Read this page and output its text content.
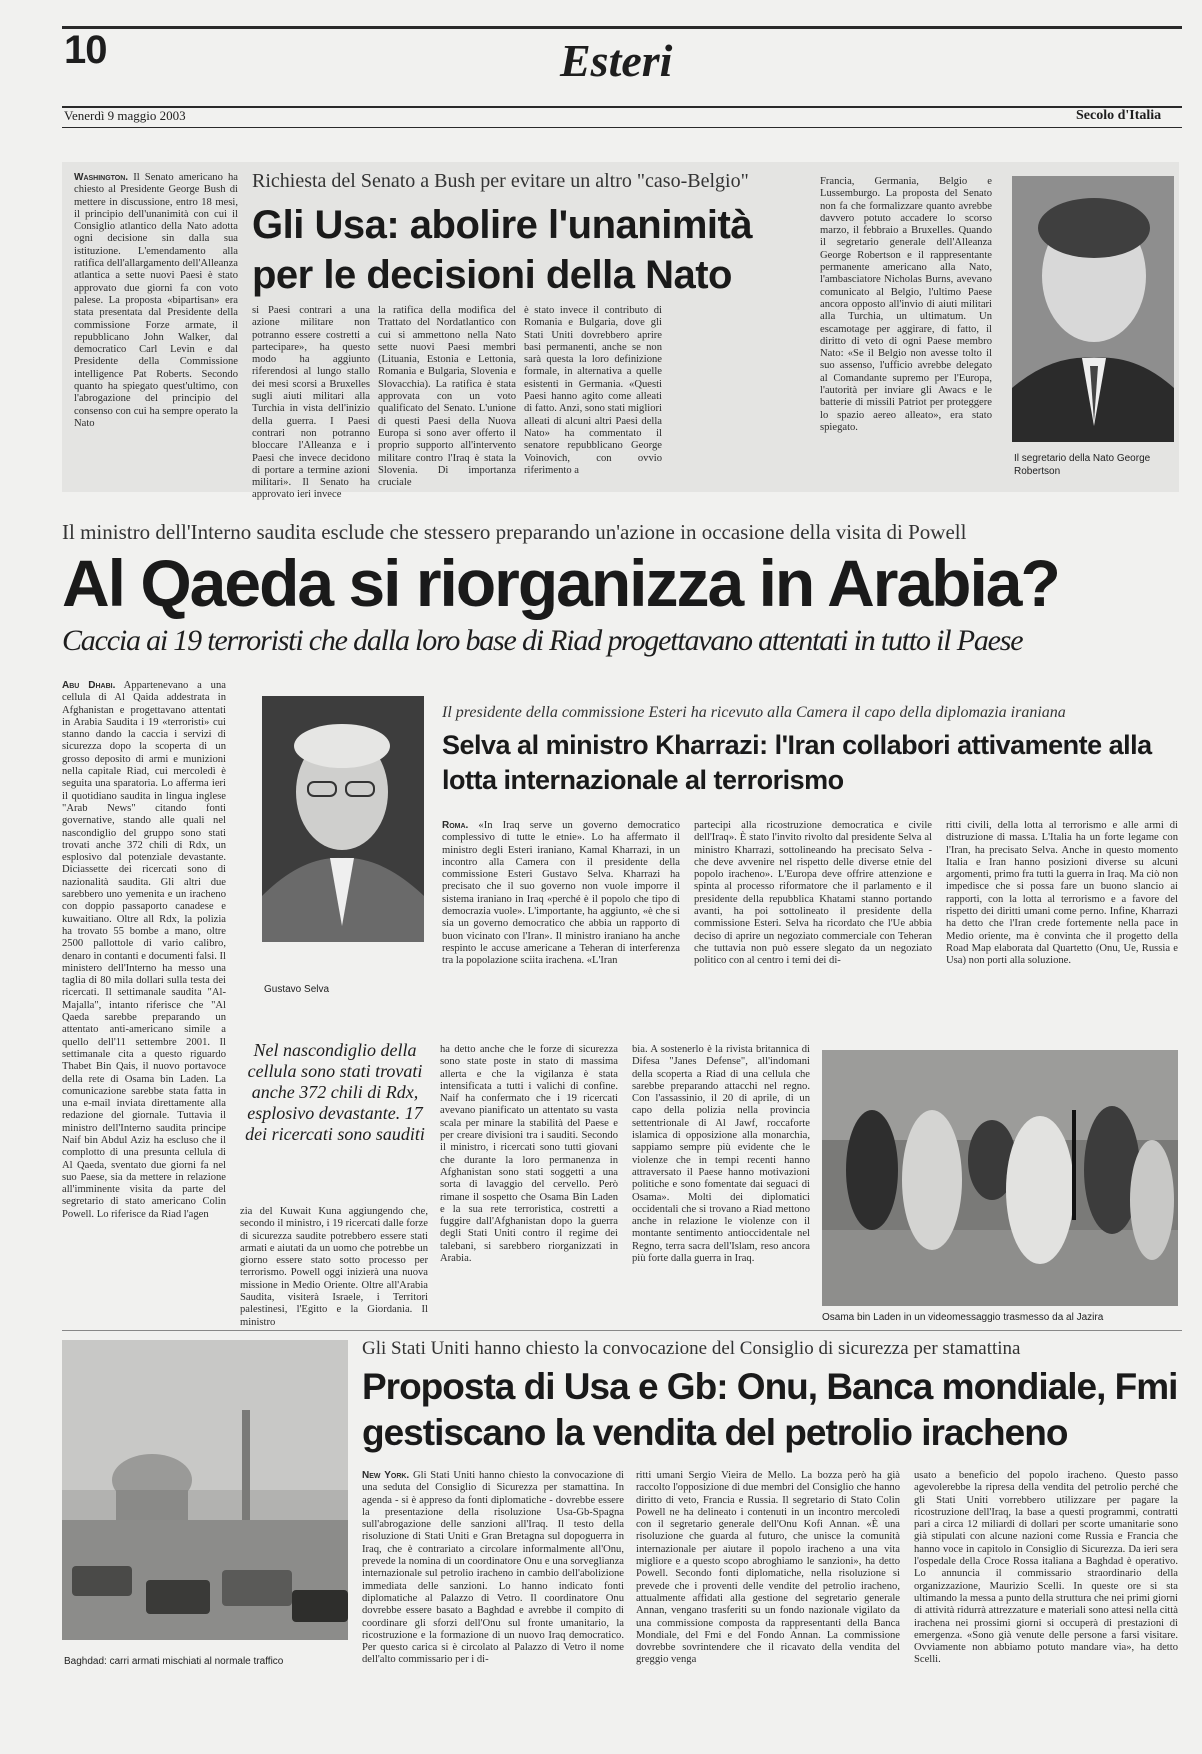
10	Esteri
Venerdì 9 maggio 2003	Secolo d'Italia

Washington. Il Senato americano ha chiesto al Presidente George Bush di mettere in discussione, entro 18 mesi, il principio dell'unanimità con cui il Consiglio atlantico della Nato adotta ogni decisione sin dalla sua istituzione. L'emendamento alla ratifica dell'allargamento dell'Alleanza atlantica a sette nuovi Paesi è stato approvato due giorni fa con voto palese. La proposta «bipartisan» era stata presentata dal Presidente della commissione Forze armate, il repubblicano John Walker, dal democratico Carl Levin e dal Presidente della Commissione intelligence Pat Roberts. Secondo quanto ha spiegato quest'ultimo, con l'abrogazione del principio del consenso con cui ha sempre operato la Nato

Richiesta del Senato a Bush per evitare un altro "caso-Belgio"
Gli Usa: abolire l'unanimità per le decisioni della Nato

si Paesi contrari a una azione militare non potranno essere costretti a partecipare», ha questo modo ha aggiunto riferendosi al lungo stallo dei mesi scorsi a Bruxelles sugli aiuti militari alla Turchia in vista dell'inizio della guerra. I Paesi contrari non potranno bloccare l'Alleanza e i Paesi che invece decidono di portare a termine azioni militari». Il Senato ha approvato ieri invece

la ratifica della modifica del Trattato del Nordatlantico con cui si ammettono nella Nato sette nuovi Paesi membri (Lituania, Estonia e Lettonia, Romania e Bulgaria, Slovenia e Slovacchia). La ratifica è stata approvata con un voto qualificato del Senato. L'unione di questi Paesi della Nuova Europa si sono aver offerto il proprio supporto all'intervento militare contro l'Iraq è stata la Slovenia. Di importanza cruciale

è stato invece il contributo di Romania e Bulgaria, dove gli Stati Uniti dovrebbero aprire basi permanenti, anche se non sarà questa la loro definizione formale, in alternativa a quelle esistenti in Germania. «Questi Paesi hanno agito come alleati di fatto. Anzi, sono stati migliori alleati di alcuni altri Paesi della Nato» ha commentato il senatore repubblicano George Voinovich, con ovvio riferimento a

Francia, Germania, Belgio e Lussemburgo. La proposta del Senato non fa che formalizzare quanto avrebbe davvero potuto accadere lo scorso marzo, il febbraio a Bruxelles. Quando il segretario generale dell'Alleanza George Robertson e il rappresentante permanente americano alla Nato, l'ambasciatore Nicholas Burns, avevano comunicato al Belgio, l'ultimo Paese ancora opposto all'invio di aiuti militari alla Turchia, un ultimatum. Un escamotage per aggirare, di fatto, il diritto di veto di ogni Paese membro Nato: «Se il Belgio non avesse tolto il suo assenso, l'ufficio avrebbe delegato al Comandante supremo per l'Europa, l'autorità per inviare gli Awacs e le batterie di missili Patriot per proteggere lo spazio aereo alleato», era stato spiegato.

Il segretario della Nato George Robertson
Il ministro dell'Interno saudita esclude che stessero preparando un'azione in occasione della visita di Powell
Al Qaeda si riorganizza in Arabia?
Caccia ai 19 terroristi che dalla loro base di Riad progettavano attentati in tutto il Paese

Abu Dhabi. Appartenevano a una cellula di Al Qaida addestrata in Afghanistan e progettavano attentati in Arabia Saudita i 19 «terroristi» cui stanno dando la caccia i servizi di sicurezza dopo la scoperta di un grosso deposito di armi e munizioni nella capitale Riad, cui mercoledì è seguita una sparatoria. Lo afferma ieri il quotidiano saudita in lingua inglese "Arab News" citando fonti governative, stando alle quali nel nascondiglio del gruppo sono stati trovati anche 372 chili di Rdx, un esplosivo dal potenziale devastante. Diciassette dei ricercati sono di nazionalità saudita. Gli altri due sarebbero uno yemenita e un iracheno con doppio passaporto canadese e kuwaitiano. Oltre all Rdx, la polizia ha trovato 55 bombe a mano, oltre 2500 pallottole di vario calibro, denaro in contanti e documenti falsi. Il ministero dell'Interno ha messo una taglia di 80 mila dollari sulla testa dei ricercati. Il settimanale saudita "Al-Majalla", intanto riferisce che "Al Qaeda sarebbe preparando un attentato anti-americano simile a quello dell'11 settembre 2001. Il settimanale cita a questo riguardo Thabet Bin Qais, il nuovo portavoce della rete di Osama bin Laden. La comunicazione sarebbe stata fatta in una e-mail inviata direttamente alla redazione del giornale. Tuttavia il ministro dell'Interno saudita principe Naif bin Abdul Aziz ha escluso che il complotto di una presunta cellula di Al Qaeda, sventato due giorni fa nel suo Paese, sia da mettere in relazione all'imminente visita da parte del segretario di stato americano Colin Powell. Lo riferisce da Riad l'agen

Nel nascondiglio della cellula sono stati trovati anche 372 chili di Rdx, esplosivo devastante. 17 dei ricercati sono sauditi

zia del Kuwait Kuna aggiungendo che, secondo il ministro, i 19 ricercati dalle forze di sicurezza saudite potrebbero essere stati armati e aiutati da un uomo che potrebbe un giorno essere stato sotto processo per terrorismo. Powell oggi inizierà una nuova missione in Medio Oriente. Oltre all'Arabia Saudita, visiterà Israele, i Territori palestinesi, l'Egitto e la Giordania. Il ministro

ha detto anche che le forze di sicurezza sono state poste in stato di massima allerta e che la vigilanza è stata intensificata a tutti i valichi di confine. Naif ha confermato che i 19 ricercati avevano pianificato un attentato su vasta scala per minare la stabilità del Paese e per creare divisioni tra i sauditi. Secondo il ministro, i ricercati sono tutti giovani che durante la loro permanenza in Afghanistan sono stati soggetti a una sorta di lavaggio del cervello. Però rimane il sospetto che Osama Bin Laden e la sua rete terroristica, costretti a fuggire dall'Afghanistan dopo la guerra degli Stati Uniti contro il regime dei talebani, si sarebbero riorganizzati in Arabia.

bia. A sostenerlo è la rivista britannica di Difesa "Janes Defense", all'indomani della scoperta a Riad di una cellula che sarebbe preparando attacchi nel regno. Con l'assassinio, il 20 di aprile, di un capo della polizia nella provincia settentrionale di Al Jawf, roccaforte islamica di opposizione alla monarchia, sappiamo sempre più evidente che le violenze che in tempi recenti hanno attraversato il Paese hanno motivazioni politiche e sono fomentate dai seguaci di Osama». Molti dei diplomatici occidentali che si trovano a Riad mettono anche in relazione le violenze con il montante sentimento antioccidentale nel Regno, terra sacra dell'Islam, reso ancora più forte dalla guerra in Iraq.

Osama bin Laden in un videomessaggio trasmesso da al Jazira
Gustavo Selva
Il presidente della commissione Esteri ha ricevuto alla Camera il capo della diplomazia iraniana
Selva al ministro Kharrazi: l'Iran collabori attivamente alla lotta internazionale al terrorismo

Roma. «In Iraq serve un governo democratico complessivo di tutte le etnie». Lo ha affermato il ministro degli Esteri iraniano, Kamal Kharrazi, in un incontro alla Camera con il presidente della commissione Esteri Gustavo Selva. Kharrazi ha precisato che il suo governo non vuole imporre il sistema iraniano in Iraq «perché è il popolo che tipo di democrazia vuole». L'importante, ha aggiunto, «è che si sia un governo democratico che abbia un rapporto di buon vicinato con l'Iran». Il ministro iraniano ha anche respinto le accuse americane a Teheran di interferenza tra la popolazione sciita irachena. «L'Iran

partecipi alla ricostruzione democratica e civile dell'Iraq». È stato l'invito rivolto dal presidente Selva al ministro Kharrazi, sottolineando ha precisato Selva - che deve avvenire nel rispetto delle diverse etnie del popolo iracheno». L'Europa deve offrire attenzione e spinta al processo riformatore che il parlamento e il presidente della repubblica Khatami stanno portando avanti, ha poi sottolineato il presidente della commissione Esteri. Selva ha ricordato che l'Ue abbia deciso di aprire un negoziato commerciale con Teheran che tuttavia non può essere slegato da un negoziato politico con al centro i temi dei di-

ritti civili, della lotta al terrorismo e alle armi di distruzione di massa. L'Italia ha un forte legame con l'Iran, ha precisato Selva. Anche in questo momento Italia e Iran hanno posizioni diverse su alcuni argomenti, primo fra tutti la guerra in Iraq. Ma ciò non impedisce che si possa fare un buono slancio ai rapporti, con la lotta al terrorismo e a favore del rispetto dei diritti umani come perno. Infine, Kharrazi ha detto che l'Iran crede fortemente nella pace in Medio oriente, ma è convinta che il progetto della Road Map elaborata dal Quartetto (Onu, Ue, Russia e Usa) non porti alla soluzione.

Baghdad: carri armati mischiati al normale traffico
Gli Stati Uniti hanno chiesto la convocazione del Consiglio di sicurezza per stamattina
Proposta di Usa e Gb: Onu, Banca mondiale, Fmi gestiscano la vendita del petrolio iracheno

New York. Gli Stati Uniti hanno chiesto la convocazione di una seduta del Consiglio di Sicurezza per stamattina. In agenda - si è appreso da fonti diplomatiche - dovrebbe essere la presentazione della risoluzione Usa-Gb-Spagna sull'abrogazione delle sanzioni all'Iraq. Il testo della risoluzione di Stati Uniti e Gran Bretagna sul dopoguerra in Iraq, che è contrariato a circolare informalmente all'Onu, prevede la nomina di un coordinatore Onu e una sorveglianza internazionale sul petrolio iracheno in cambio dell'abolizione immediata delle sanzioni. Lo hanno indicato fonti diplomatiche al Palazzo di Vetro. Il coordinatore Onu dovrebbe essere basato a Baghdad e avrebbe il compito di coordinare gli sforzi dell'Onu sul fronte umanitario, la ricostruzione e la formazione di un nuovo Iraq democratico. Per questo carica si è circolato al Palazzo di Vetro il nome dell'alto commissario per i di-

ritti umani Sergio Vieira de Mello. La bozza però ha già raccolto l'opposizione di due membri del Consiglio che hanno diritto di veto, Francia e Russia. Il segretario di Stato Colin Powell ne ha delineato i contenuti in un incontro mercoledì con il segretario generale dell'Onu Kofi Annan. «È una risoluzione che guarda al futuro, che unisce la comunità internazionale per aiutare il popolo iracheno a una vita migliore e a questo scopo abroghiamo le sanzioni», ha detto Powell. Secondo fonti diplomatiche, nella risoluzione si prevede che i proventi delle vendite del petrolio iracheno, attualmente affidati alla gestione del segretario generale Annan, vengano trasferiti su un fondo nazionale vigilato da una commissione composta da rappresentanti della Banca Mondiale, del Fmi e del Fondo Annan. La commissione dovrebbe sovrintendere che il ricavato della vendita del greggio venga

usato a beneficio del popolo iracheno. Questo passo agevolerebbe la ripresa della vendita del petrolio perché che gli Stati Uniti vorrebbero utilizzare per pagare la ricostruzione dell'Iraq, la base a questi programmi, contratti pari a circa 12 miliardi di dollari per scorte umanitarie sono già stipulati con alcune nazioni come Russia e Francia che hanno voce in capitolo in Consiglio di Sicurezza. Da ieri sera l'ospedale della Croce Rossa italiana a Baghdad è operativo. Lo annuncia il commissario straordinario della organizzazione, Maurizio Scelli. In queste ore si sta ultimando la messa a punto della struttura che nei primi giorni di attività ridurrà attrezzature e materiali sono attesi nella città irachena nei prossimi giorni si occuperà di prestazioni di emergenza. «Sono già venute delle persone a farsi visitare. Ovviamente non abbiamo potuto mandare via», ha detto Scelli.
